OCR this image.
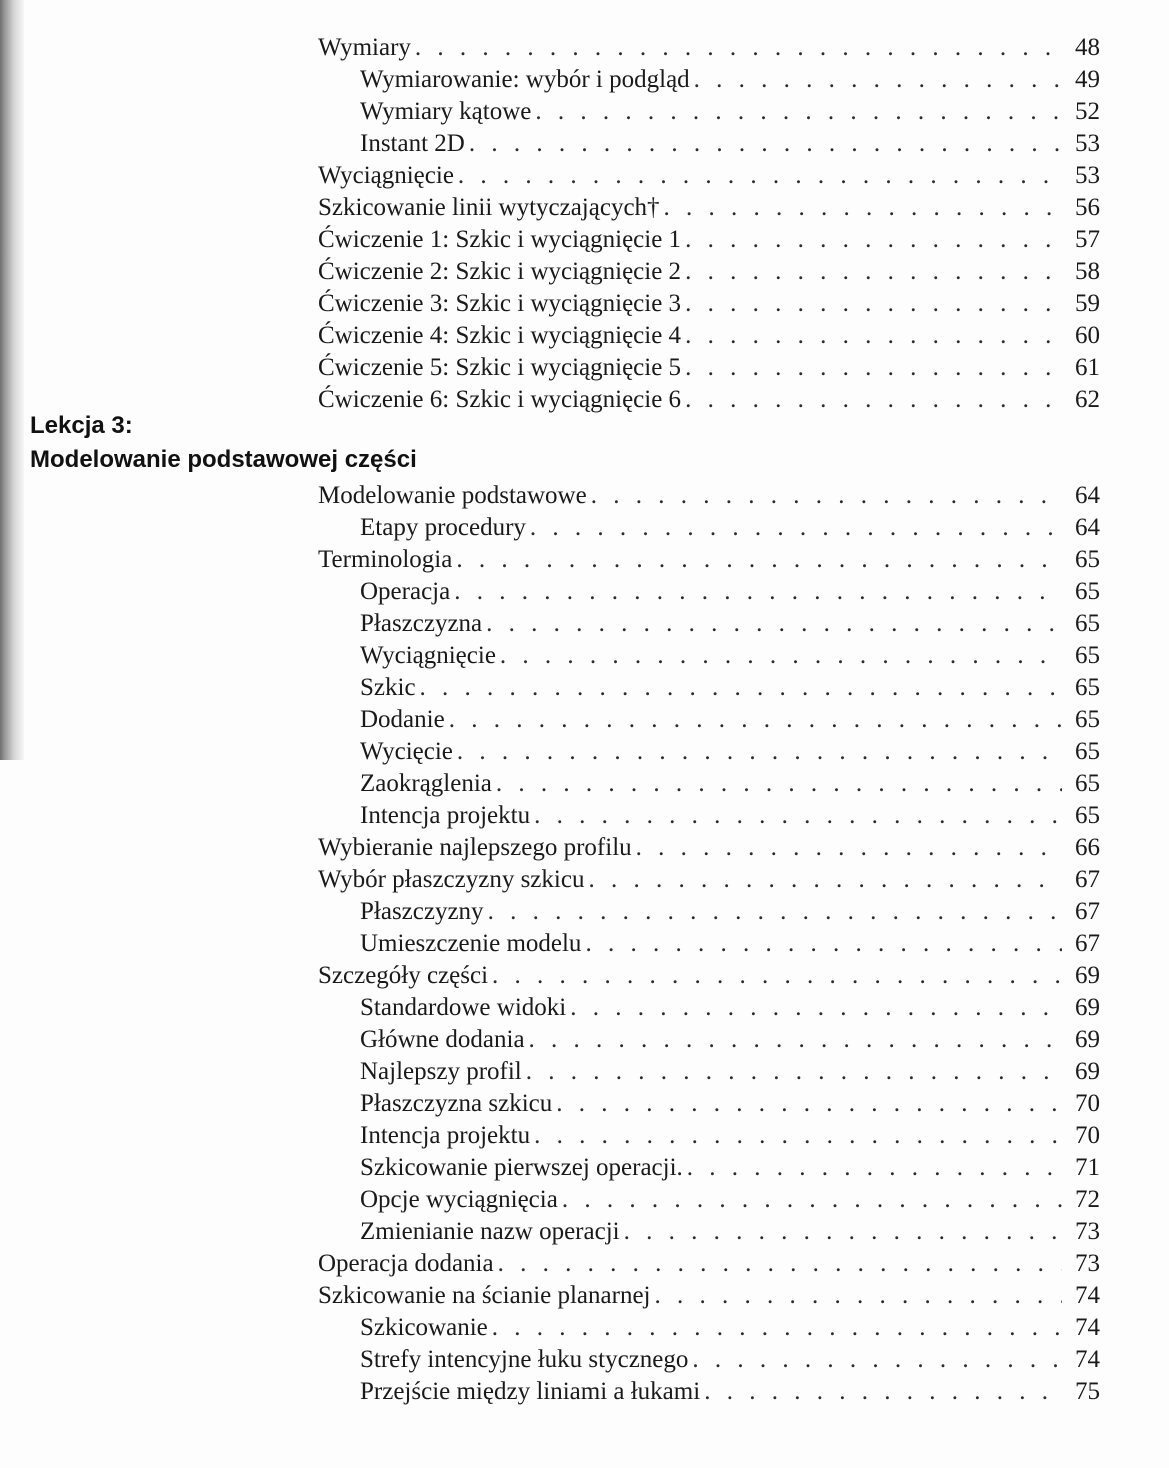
Wymiary . . .	48
Wymiarowanie: wybór i podgląd . . .	49
Wymiary kątowe . . .	52
Instant 2D . . .	53
Wyciągnięcie . . .	53
Szkicowanie linii wytyczających† . . .	56
Ćwiczenie 1: Szkic i wyciągnięcie 1 . . .	57
Ćwiczenie 2: Szkic i wyciągnięcie 2 . . .	58
Ćwiczenie 3: Szkic i wyciągnięcie 3 . . .	59
Ćwiczenie 4: Szkic i wyciągnięcie 4 . . .	60
Ćwiczenie 5: Szkic i wyciągnięcie 5 . . .	61
Ćwiczenie 6: Szkic i wyciągnięcie 6 . . .	62
Lekcja 3:
Modelowanie podstawowej części
Modelowanie podstawowe . . .	64
Etapy procedury . . .	64
Terminologia . . .	65
Operacja . . .	65
Płaszczyzna . . .	65
Wyciągnięcie . . .	65
Szkic . . .	65
Dodanie . . .	65
Wycięcie . . .	65
Zaokrąglenia . . .	65
Intencja projektu . . .	65
Wybieranie najlepszego profilu . . .	66
Wybór płaszczyzny szkicu . . .	67
Płaszczyzny . . .	67
Umieszczenie modelu . . .	67
Szczegóły części . . .	69
Standardowe widoki . . .	69
Główne dodania . . .	69
Najlepszy profil . . .	69
Płaszczyzna szkicu . . .	70
Intencja projektu . . .	70
Szkicowanie pierwszej operacji. . . .	71
Opcje wyciągnięcia . . .	72
Zmienianie nazw operacji . . .	73
Operacja dodania . . .	73
Szkicowanie na ścianie planarnej . . .	74
Szkicowanie . . .	74
Strefy intencyjne łuku stycznego . . .	74
Przejście między liniami a łukami . . .	75
